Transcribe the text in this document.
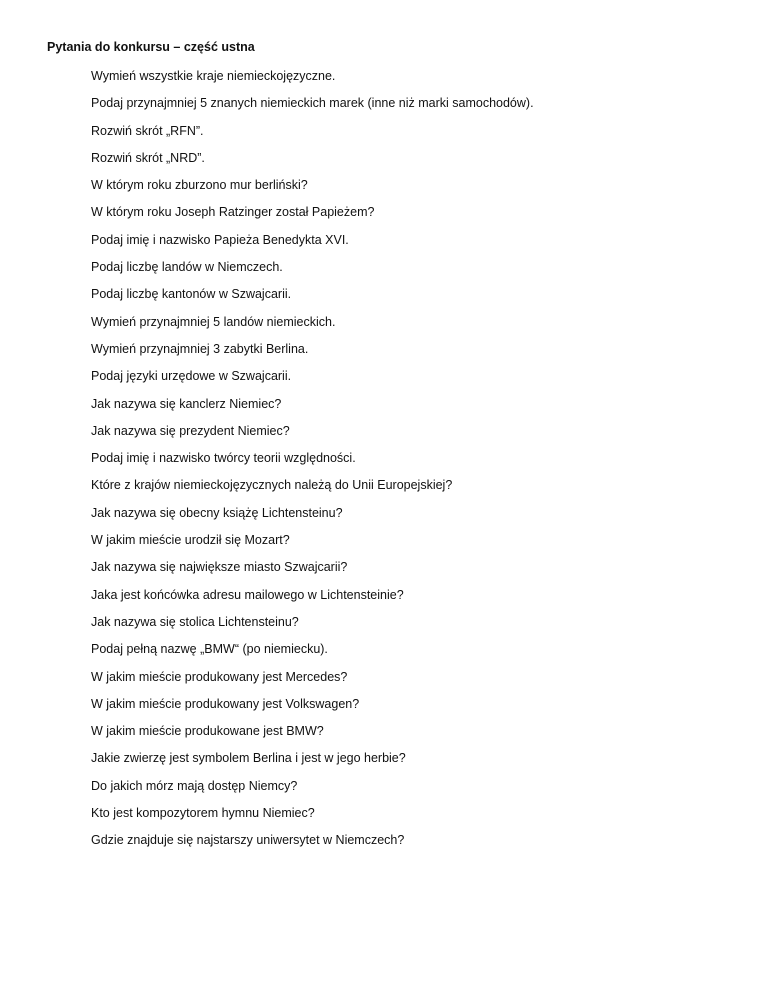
Pytania do konkursu – część ustna
Wymień wszystkie kraje niemieckojęzyczne.
Podaj przynajmniej 5 znanych niemieckich marek (inne niż marki samochodów).
Rozwiń skrót „RFN”.
Rozwiń skrót „NRD”.
W którym roku zburzono mur berliński?
W którym roku Joseph Ratzinger został Papieżem?
Podaj imię i nazwisko Papieża Benedykta XVI.
Podaj liczbę landów w Niemczech.
Podaj liczbę kantonów w Szwajcarii.
Wymień przynajmniej 5 landów niemieckich.
Wymień przynajmniej 3 zabytki Berlina.
Podaj języki urzędowe w Szwajcarii.
Jak nazywa się kanclerz Niemiec?
Jak nazywa się prezydent Niemiec?
Podaj imię i nazwisko twórcy teorii względności.
Które z krajów niemieckojęzycznych należą do Unii Europejskiej?
Jak nazywa się obecny książę Lichtensteinu?
W jakim mieście urodził się Mozart?
Jak nazywa się największe miasto Szwajcarii?
Jaka jest końcówka adresu mailowego w Lichtensteinie?
Jak nazywa się stolica Lichtensteinu?
Podaj pełną nazwę „BMW“ (po niemiecku).
W jakim mieście produkowany jest Mercedes?
W jakim mieście produkowany jest Volkswagen?
W jakim mieście produkowane jest BMW?
Jakie zwierzę jest symbolem Berlina i jest w jego herbie?
Do jakich mórz mają dostęp Niemcy?
Kto jest kompozytorem hymnu Niemiec?
Gdzie znajduje się najstarszy uniwersytet w Niemczech?
